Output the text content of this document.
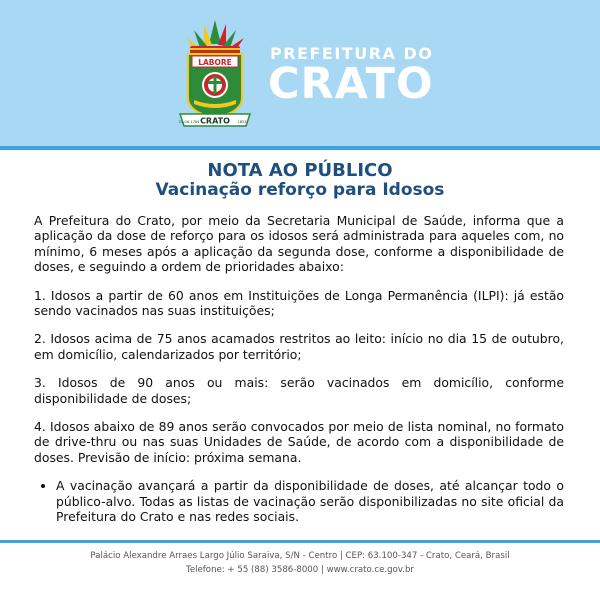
LABORE
CRATO
21-06-1764	1853
PREFEITURA DO
CRATO
NOTA AO PÚBLICO
Vacinação reforço para Idosos

A Prefeitura do Crato, por meio da Secretaria Municipal de Saúde, informa que a aplicação da dose de reforço para os idosos será administrada para aqueles com, no mínimo, 6 meses após a aplicação da segunda dose, conforme a disponibilidade de doses, e seguindo a ordem de prioridades abaixo:

1. Idosos a partir de 60 anos em Instituições de Longa Permanência (ILPI): já estão sendo vacinados nas suas instituições;

2. Idosos acima de 75 anos acamados restritos ao leito: início no dia 15 de outubro, em domicílio, calendarizados por território;

3. Idosos de 90 anos ou mais: serão vacinados em domicílio, conforme disponibilidade de doses;

4. Idosos abaixo de 89 anos serão convocados por meio de lista nominal, no formato de drive-thru ou nas suas Unidades de Saúde, de acordo com a disponibilidade de doses. Previsão de início: próxima semana.

• A vacinação avançará a partir da disponibilidade de doses, até alcançar todo o público-alvo. Todas as listas de vacinação serão disponibilizadas no site oficial da Prefeitura do Crato e nas redes sociais.
Palácio Alexandre Arraes Largo Júlio Saraiva, S/N - Centro | CEP: 63.100-347 - Crato, Ceará, Brasil
Telefone: + 55 (88) 3586-8000 | www.crato.ce.gov.br
